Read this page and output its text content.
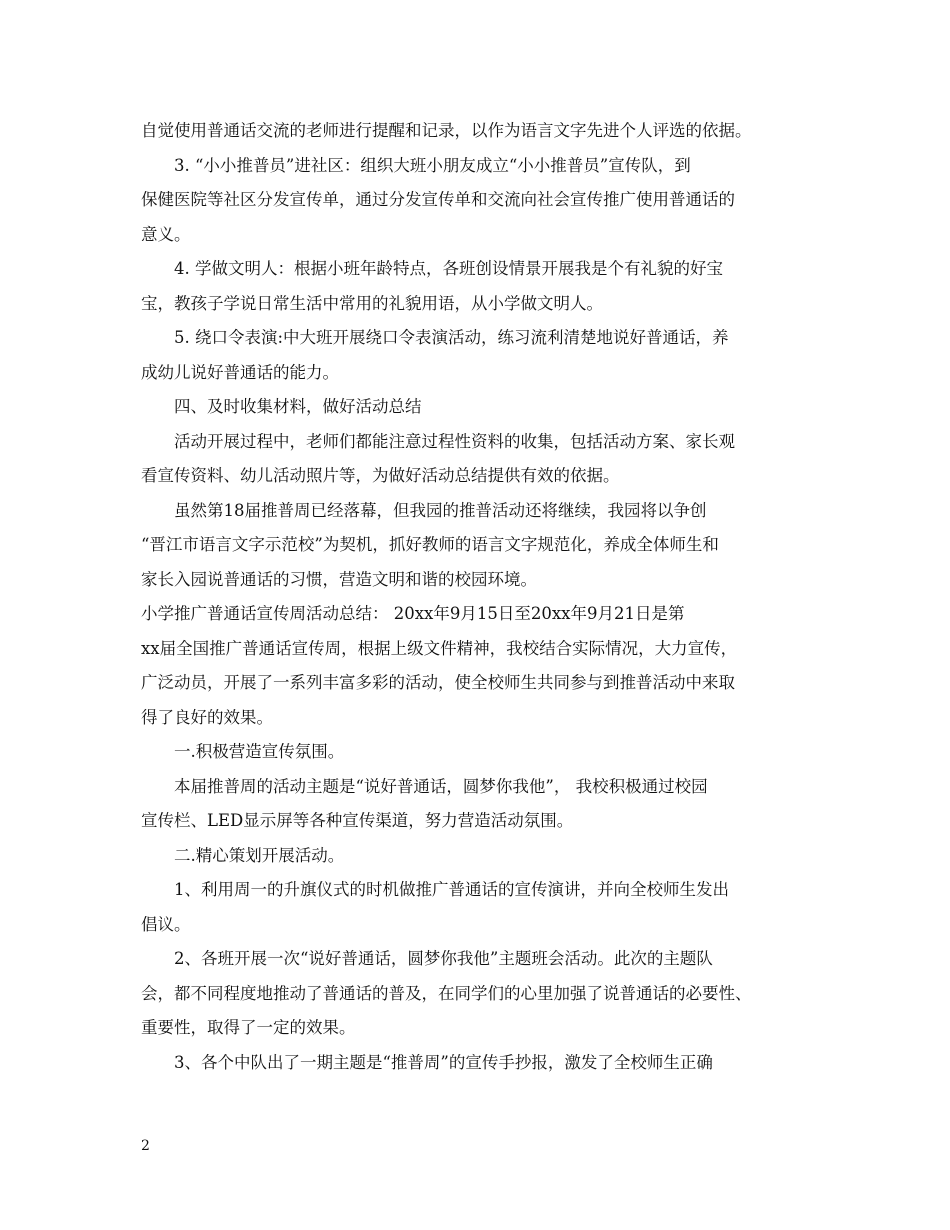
自觉使用普通话交流的老师进行提醒和记录，以作为语言文字先进个人评选的依据。
3. “小小推普员”进社区：组织大班小朋友成立“小小推普员”宣传队，到
保健医院等社区分发宣传单，通过分发宣传单和交流向社会宣传推广使用普通话的
意义。
4. 学做文明人：根据小班年龄特点，各班创设情景开展我是个有礼貌的好宝
宝，教孩子学说日常生活中常用的礼貌用语，从小学做文明人。
5. 绕口令表演:中大班开展绕口令表演活动，练习流利清楚地说好普通话，养
成幼儿说好普通话的能力。
四、及时收集材料，做好活动总结
活动开展过程中，老师们都能注意过程性资料的收集，包括活动方案、家长观
看宣传资料、幼儿活动照片等，为做好活动总结提供有效的依据。
虽然第18届推普周已经落幕，但我园的推普活动还将继续，我园将以争创
“晋江市语言文字示范校”为契机，抓好教师的语言文字规范化，养成全体师生和
家长入园说普通话的习惯，营造文明和谐的校园环境。
小学推广普通话宣传周活动总结： 20xx年9月15日至20xx年9月21日是第
xx届全国推广普通话宣传周，根据上级文件精神，我校结合实际情况，大力宣传，
广泛动员，开展了一系列丰富多彩的活动，使全校师生共同参与到推普活动中来取
得了良好的效果。
一.积极营造宣传氛围。
本届推普周的活动主题是“说好普通话，圆梦你我他”， 我校积极通过校园
宣传栏、LED显示屏等各种宣传渠道，努力营造活动氛围。
二.精心策划开展活动。
1、利用周一的升旗仪式的时机做推广普通话的宣传演讲，并向全校师生发出
倡议。
2、各班开展一次“说好普通话，圆梦你我他”主题班会活动。此次的主题队
会，都不同程度地推动了普通话的普及，在同学们的心里加强了说普通话的必要性、
重要性，取得了一定的效果。
3、各个中队出了一期主题是“推普周”的宣传手抄报，激发了全校师生正确
2
